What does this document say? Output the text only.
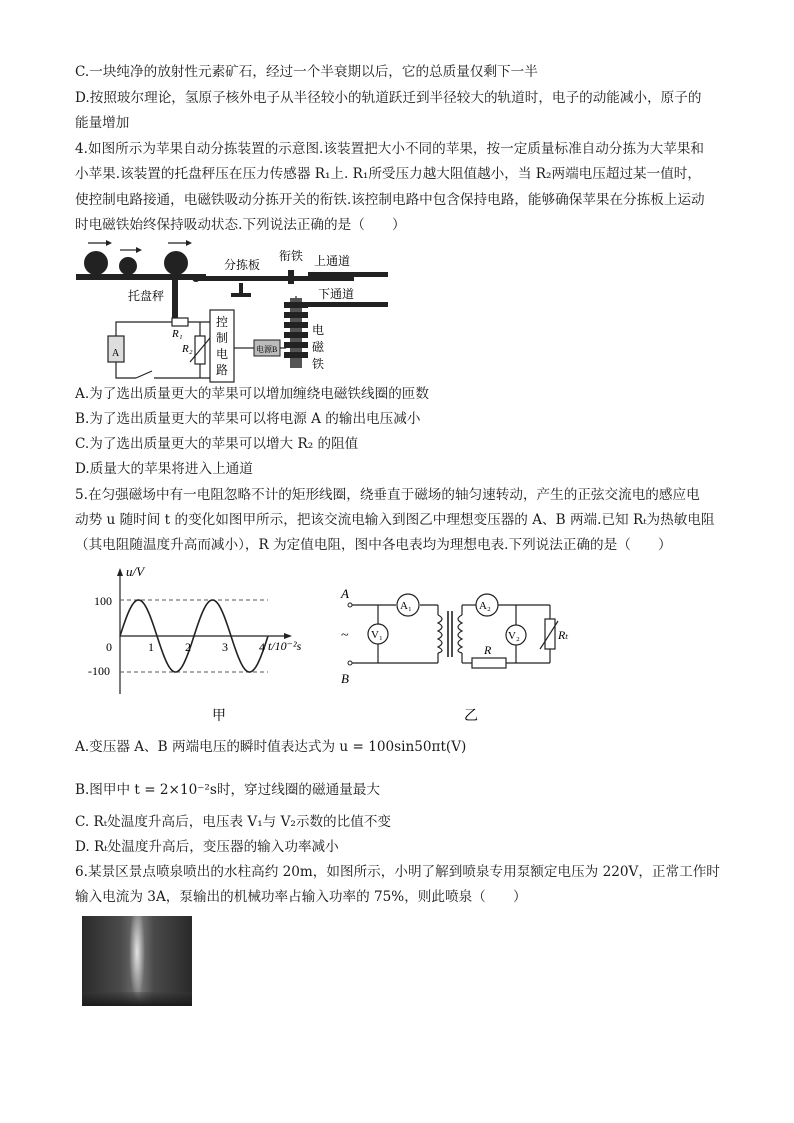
C.一块纯净的放射性元素矿石，经过一个半衰期以后，它的总质量仅剩下一半
D.按照玻尔理论，氢原子核外电子从半径较小的轨道跃迁到半径较大的轨道时，电子的动能减小，原子的
能量增加
4.如图所示为苹果自动分拣装置的示意图.该装置把大小不同的苹果，按一定质量标准自动分拣为大苹果和
小苹果.该装置的托盘秤压在压力传感器 R₁上. R₁所受压力越大阻值越小，当 R₂两端电压超过某一值时，
使控制电路接通，电磁铁吸动分拣开关的衔铁.该控制电路中包含保持电路，能够确保苹果在分拣板上运动
时电磁铁始终保持吸动状态.下列说法正确的是（　　）
托盘秤
分拣板
衔铁 上通道
下通道
R₁
R₂
A
控
制
电
路
电源B
电
磁
铁
A.为了选出质量更大的苹果可以增加缠绕电磁铁线圈的匝数
B.为了选出质量更大的苹果可以将电源 A 的输出电压减小
C.为了选出质量更大的苹果可以增大 R₂ 的阻值
D.质量大的苹果将进入上通道
5.在匀强磁场中有一电阻忽略不计的矩形线圈，绕垂直于磁场的轴匀速转动，产生的正弦交流电的感应电
动势 u 随时间 t 的变化如图甲所示，把该交流电输入到图乙中理想变压器的 A、B 两端.已知 Rₜ为热敏电阻
（其电阻随温度升高而减小），R 为定值电阻，图中各电表均为理想电表.下列说法正确的是（　　）
u/V
t/10⁻²s
100
0
-100
1	2	3	4
甲
A
B
~
A₁
V₁
A₂
V₂
R
Rₜ
乙
A.变压器 A、B 两端电压的瞬时值表达式为 u = 100sin50πt(V)
B.图甲中 t = 2×10⁻²s时，穿过线圈的磁通量最大
C. Rₜ处温度升高后，电压表 V₁与 V₂示数的比值不变
D. Rₜ处温度升高后，变压器的输入功率减小
6.某景区景点喷泉喷出的水柱高约 20m，如图所示，小明了解到喷泉专用泵额定电压为 220V，正常工作时
输入电流为 3A，泵输出的机械功率占输入功率的 75%，则此喷泉（　　）
